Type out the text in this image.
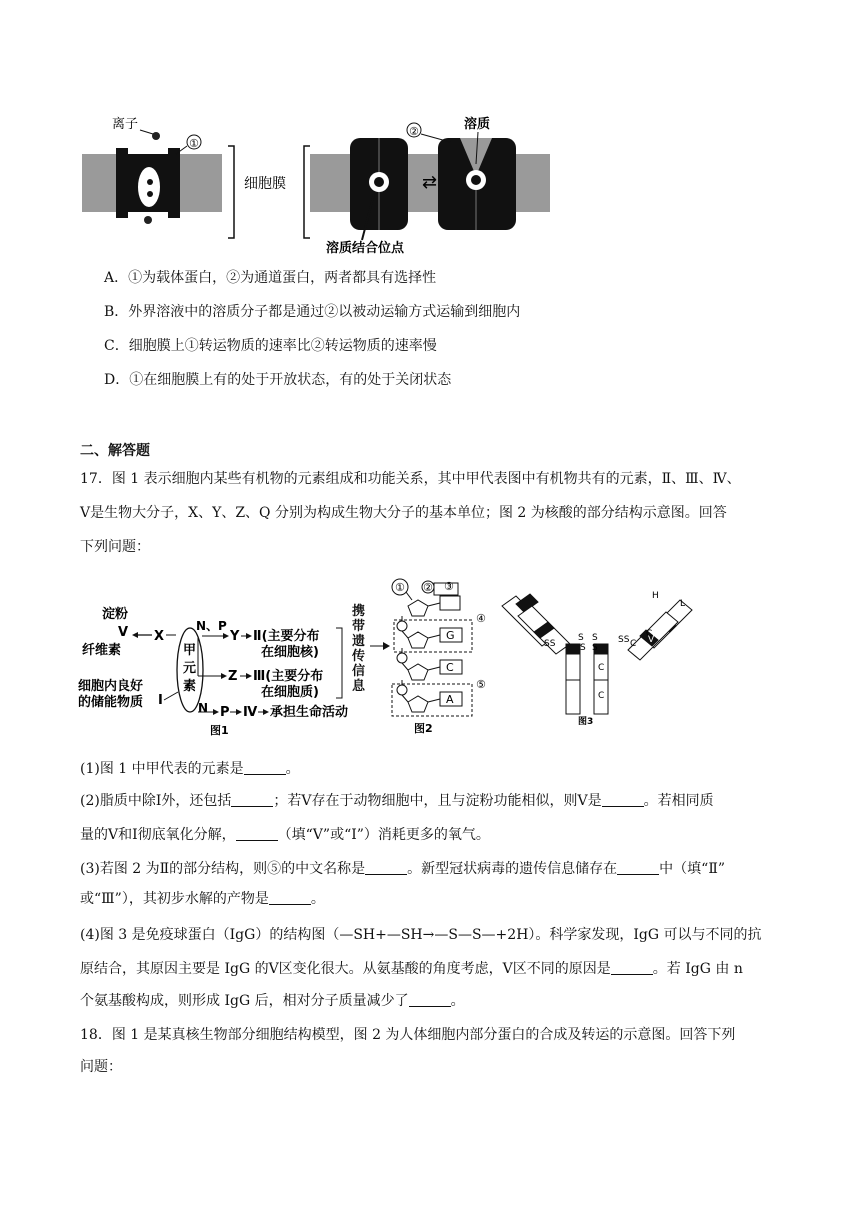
离子
①
细胞膜	⇄
②	溶质
溶质结合位点
A．①为载体蛋白，②为通道蛋白，两者都具有选择性
B．外界溶液中的溶质分子都是通过②以被动运输方式运输到细胞内
C．细胞膜上①转运物质的速率比②转运物质的速率慢
D．①在细胞膜上有的处于开放状态，有的处于关闭状态
二、解答题
17．图 1 表示细胞内某些有机物的元素组成和功能关系，其中甲代表图中有机物共有的元素，Ⅱ、Ⅲ、Ⅳ、
Ⅴ是生物大分子，X、Y、Z、Q 分别为构成生物大分子的基本单位；图 2 为核酸的部分结构示意图。回答
下列问题：
淀粉
Ⅴ
纤维素
X
细胞内良好
的储能物质 Ⅰ
甲
元
素
N、P
Y Ⅱ(主要分布
在细胞核)
Z Ⅲ(主要分布
在细胞质)
N P Ⅳ 承担生命活动
图1
携
带
遗
传
信
息
① ② ③
④
⑤
G
C
A
图2
H
L
SS
S S
S S
SS
C
C
C
C
V
V
图3
(1)图 1 中甲代表的元素是	。
(2)脂质中除Ⅰ外，还包括	；若Ⅴ存在于动物细胞中，且与淀粉功能相似，则Ⅴ是	。若相同质
量的Ⅴ和Ⅰ彻底氧化分解，	（填“Ⅴ”或“Ⅰ”）消耗更多的氧气。
(3)若图 2 为Ⅱ的部分结构，则⑤的中文名称是	。新型冠状病毒的遗传信息储存在	中（填“Ⅱ”
或“Ⅲ”），其初步水解的产物是	。
(4)图 3 是免疫球蛋白（IgG）的结构图（—SH+—SH→—S—S—+2H）。科学家发现，IgG 可以与不同的抗
原结合，其原因主要是 IgG 的Ⅴ区变化很大。从氨基酸的角度考虑，Ⅴ区不同的原因是	。若 IgG 由 n
个氨基酸构成，则形成 IgG 后，相对分子质量减少了	。
18．图 1 是某真核生物部分细胞结构模型，图 2 为人体细胞内部分蛋白的合成及转运的示意图。回答下列
问题：
